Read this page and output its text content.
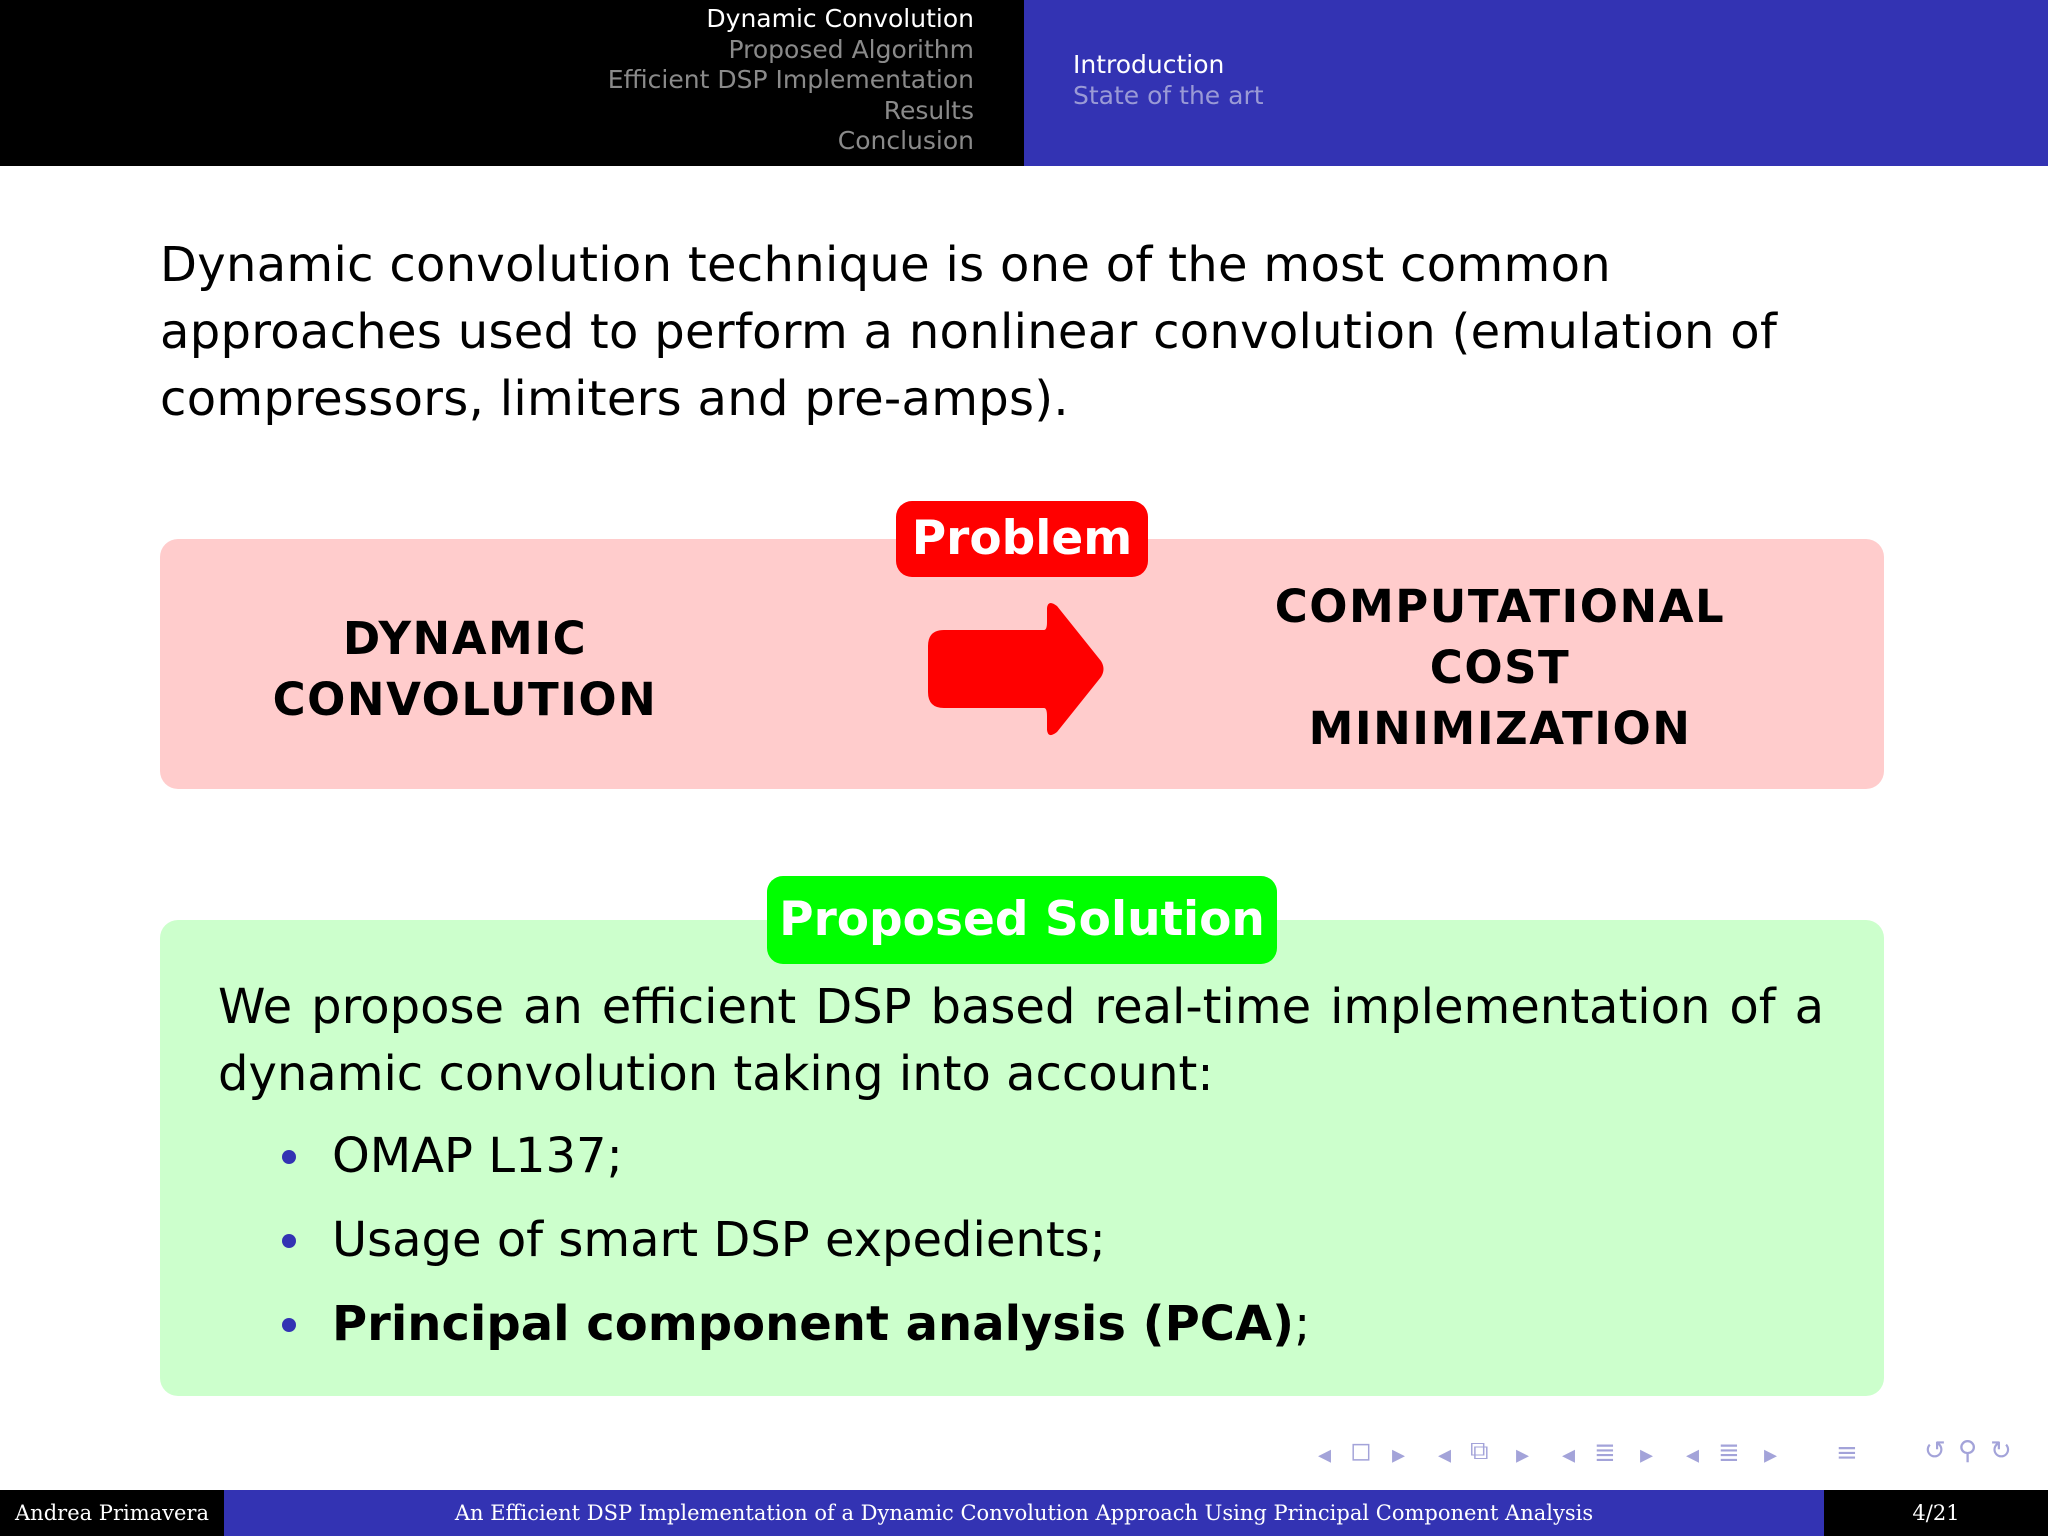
Dynamic Convolution
Proposed Algorithm
Efficient DSP Implementation
Results
Conclusion
Introduction
State of the art
Dynamic convolution technique is one of the most common approaches used to perform a nonlinear convolution (emulation of compressors, limiters and pre-amps).
Problem
DYNAMIC
CONVOLUTION
COMPUTATIONAL
COST
MINIMIZATION
Proposed Solution
We propose an efficient DSP based real-time implementation of a dynamic convolution taking into account:
OMAP L137;
Usage of smart DSP expedients;
Principal component analysis (PCA);
◂ ◻ ▸ ◂ ⧉ ▸ ◂ ≣ ▸ ◂ ≣ ▸ ≡	↺ ⚲ ↻
Andrea Primavera	An Efficient DSP Implementation of a Dynamic Convolution Approach Using Principal Component Analysis	4/21
